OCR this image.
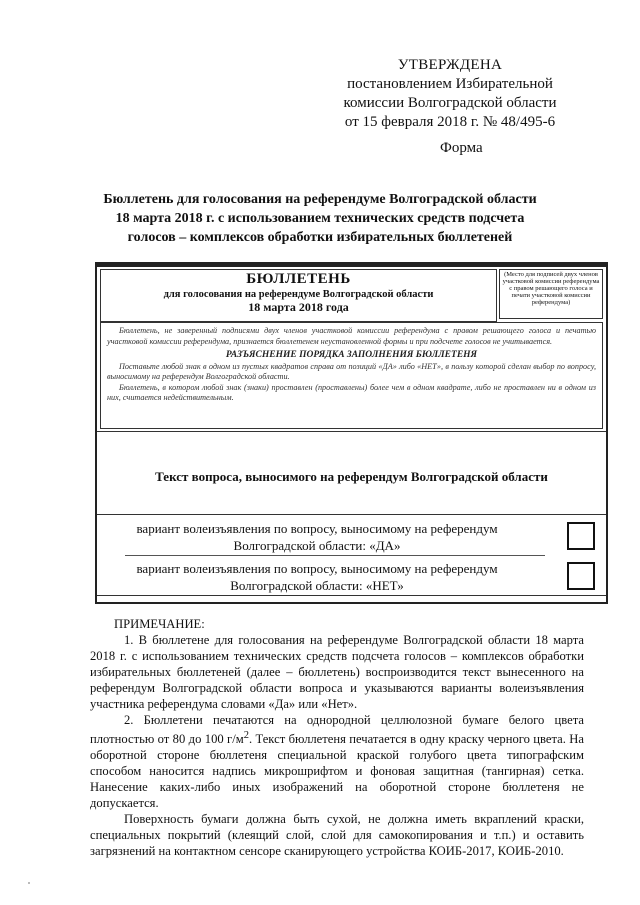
УТВЕРЖДЕНА
постановлением Избирательной
комиссии Волгоградской области
от 15 февраля 2018 г. № 48/495-6
Форма
Бюллетень для голосования на референдуме Волгоградской области
18 марта 2018 г. с использованием технических средств подсчета
голосов – комплексов обработки избирательных бюллетеней
БЮЛЛЕТЕНЬ
для голосования на референдуме Волгоградской области
18 марта 2018 года
(Место для подписей двух членов участковой комиссии референдума с правом решающего голоса и печати участковой комиссии референдума)
Бюллетень, не заверенный подписями двух членов участковой комиссии референдума с правом решающего голоса и печатью участковой комиссии референдума, признается бюллетенем неустановленной формы и при подсчете голосов не учитывается.
РАЗЪЯСНЕНИЕ ПОРЯДКА ЗАПОЛНЕНИЯ БЮЛЛЕТЕНЯ
Поставьте любой знак в одном из пустых квадратов справа от позиций «ДА» либо «НЕТ», в пользу которой сделан выбор по вопросу, выносимому на референдум Волгоградской области.
Бюллетень, в котором любой знак (знаки) проставлен (проставлены) более чем в одном квадрате, либо не проставлен ни в одном из них, считается недействительным.
Текст вопроса, выносимого на референдум Волгоградской области
вариант волеизъявления по вопросу, выносимому на референдум
Волгоградской области: «ДА»
вариант волеизъявления по вопросу, выносимому на референдум
Волгоградской области: «НЕТ»

ПРИМЕЧАНИЕ:

1. В бюллетене для голосования на референдуме Волгоградской области 18 марта 2018 г. с использованием технических средств подсчета голосов – комплексов обработки избирательных бюллетеней (далее – бюллетень) воспроизводится текст вынесенного на референдум Волгоградской области вопроса и указываются варианты волеизъявления участника референдума словами «Да» или «Нет».

2. Бюллетени печатаются на однородной целлюлозной бумаге белого цвета плотностью от 80 до 100 $г/м^2$. Текст бюллетеня печатается в одну краску черного цвета. На оборотной стороне бюллетеня специальной краской голубого цвета типографским способом наносится надпись микрошрифтом и фоновая защитная (тангирная) сетка. Нанесение каких-либо иных изображений на оборотной стороне бюллетеня не допускается.

Поверхность бумаги должна быть сухой, не должна иметь вкраплений краски, специальных покрытий (клеящий слой, слой для самокопирования и т.п.) и оставить загрязнений на контактном сенсоре сканирующего устройства КОИБ-2017, КОИБ-2010.
